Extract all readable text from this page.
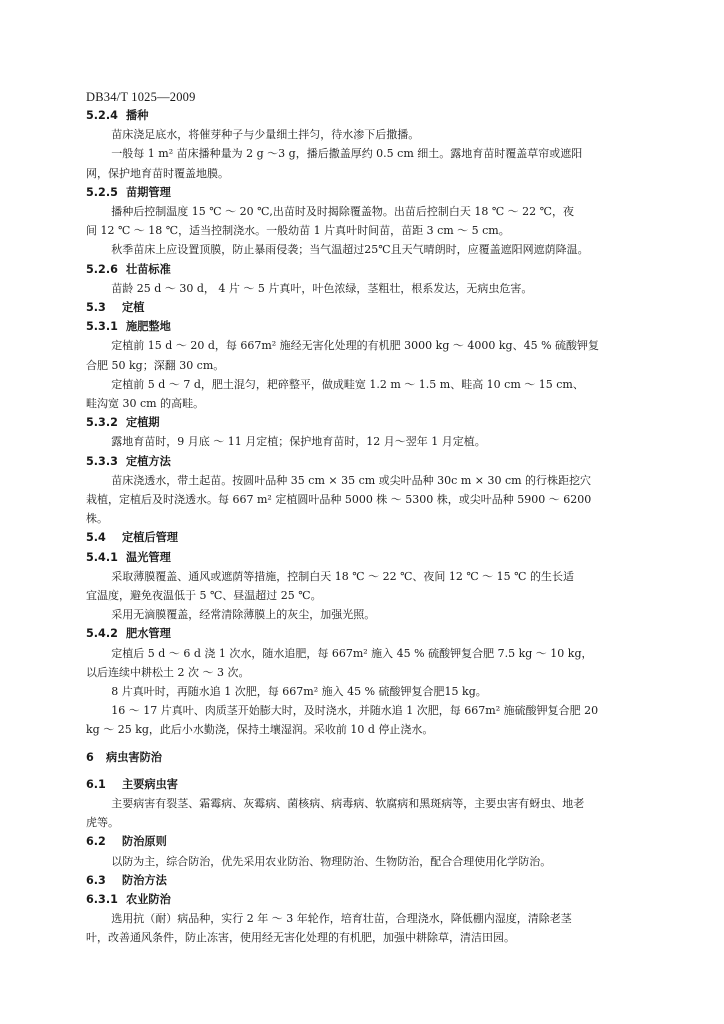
DB34/T 1025—2009
5.2.4 播种
苗床浇足底水，将催芽种子与少量细土拌匀，待水渗下后撒播。
一般每 1 m² 苗床播种量为 2 g ～3 g，播后撒盖厚约 0.5 cm 细土。露地育苗时覆盖草帘或遮阳
网，保护地育苗时覆盖地膜。
5.2.5 苗期管理
播种后控制温度 15 ℃ ～ 20 ℃,出苗时及时揭除覆盖物。出苗后控制白天 18 ℃ ～ 22 ℃，夜
间 12 ℃ ～ 18 ℃，适当控制浇水。一般幼苗 1 片真叶时间苗，苗距 3 cm ～ 5 cm。
秋季苗床上应设置顶膜，防止暴雨侵袭；当气温超过25℃且天气晴朗时，应覆盖遮阳网遮荫降温。
5.2.6 壮苗标准
苗龄 25 d ～ 30 d， 4 片 ～ 5 片真叶，叶色浓绿，茎粗壮，根系发达，无病虫危害。
5.3 定植
5.3.1 施肥整地
定植前 15 d ～ 20 d，每 667m² 施经无害化处理的有机肥 3000 kg ～ 4000 kg、45 % 硫酸钾复
合肥 50 kg；深翻 30 cm。
定植前 5 d ～ 7 d，肥土混匀，耙碎整平，做成畦宽 1.2 m ～ 1.5 m、畦高 10 cm ～ 15 cm、
畦沟宽 30 cm 的高畦。
5.3.2 定植期
露地育苗时，9 月底 ～ 11 月定植；保护地育苗时，12 月～翌年 1 月定植。
5.3.3 定植方法
苗床浇透水，带土起苗。按圆叶品种 35 cm × 35 cm 或尖叶品种 30c m × 30 cm 的行株距挖穴
栽植，定植后及时浇透水。每 667 m² 定植圆叶品种 5000 株 ～ 5300 株，或尖叶品种 5900 ～ 6200
株。
5.4 定植后管理
5.4.1 温光管理
采取薄膜覆盖、通风或遮荫等措施，控制白天 18 ℃ ～ 22 ℃、夜间 12 ℃ ～ 15 ℃ 的生长适
宜温度，避免夜温低于 5 ℃、昼温超过 25 ℃。
采用无滴膜覆盖，经常清除薄膜上的灰尘，加强光照。
5.4.2 肥水管理
定植后 5 d ～ 6 d 浇 1 次水，随水追肥，每 667m² 施入 45 % 硫酸钾复合肥 7.5 kg ～ 10 kg，
以后连续中耕松土 2 次 ～ 3 次。
8 片真叶时，再随水追 1 次肥，每 667m² 施入 45 % 硫酸钾复合肥15 kg。
16 ～ 17 片真叶、肉质茎开始膨大时，及时浇水，并随水追 1 次肥，每 667m² 施硫酸钾复合肥 20
kg ～ 25 kg，此后小水勤浇，保持土壤湿润。采收前 10 d 停止浇水。
6 病虫害防治
6.1 主要病虫害
主要病害有裂茎、霜霉病、灰霉病、菌核病、病毒病、软腐病和黑斑病等，主要虫害有蚜虫、地老
虎等。
6.2 防治原则
以防为主，综合防治，优先采用农业防治、物理防治、生物防治，配合合理使用化学防治。
6.3 防治方法
6.3.1 农业防治
选用抗（耐）病品种，实行 2 年 ～ 3 年轮作，培育壮苗，合理浇水，降低棚内湿度，清除老茎
叶，改善通风条件，防止冻害，使用经无害化处理的有机肥，加强中耕除草，清洁田园。
